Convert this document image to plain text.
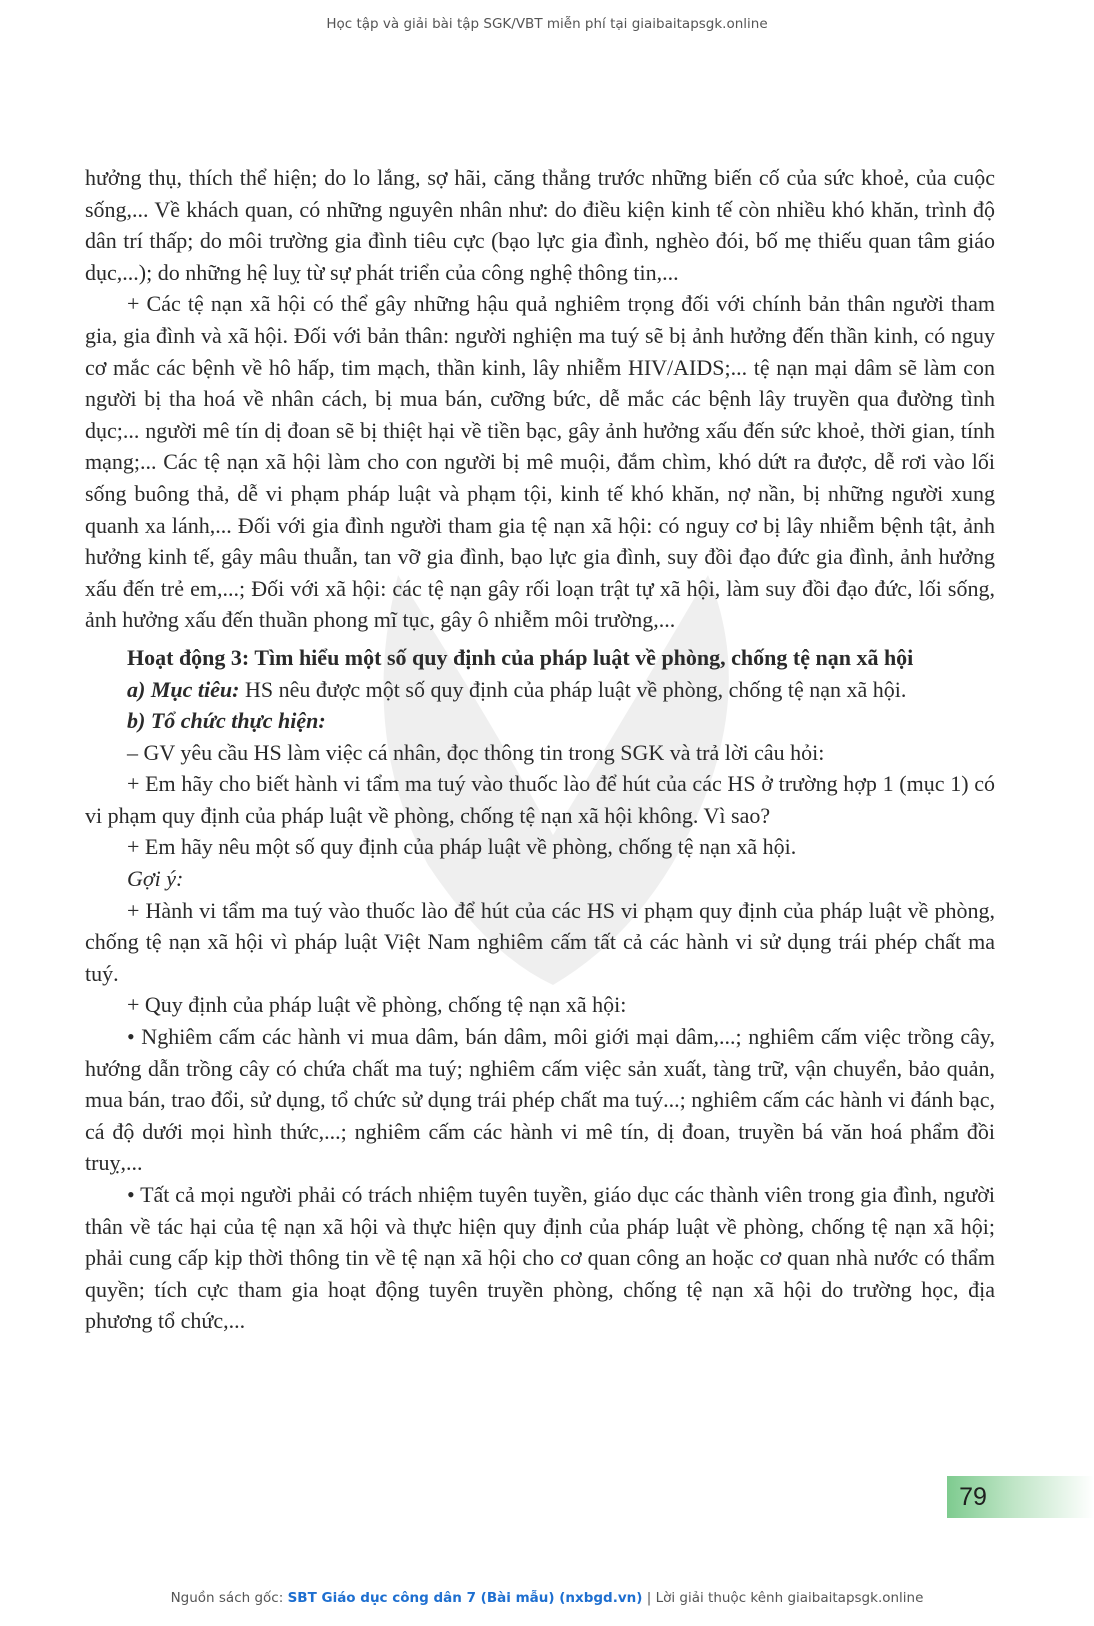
Học tập và giải bài tập SGK/VBT miễn phí tại giaibaitapsgk.online

hưởng thụ, thích thể hiện; do lo lắng, sợ hãi, căng thẳng trước những biến cố của sức khoẻ, của cuộc sống,... Về khách quan, có những nguyên nhân như: do điều kiện kinh tế còn nhiều khó khăn, trình độ dân trí thấp; do môi trường gia đình tiêu cực (bạo lực gia đình, nghèo đói, bố mẹ thiếu quan tâm giáo dục,...); do những hệ luỵ từ sự phát triển của công nghệ thông tin,...

+ Các tệ nạn xã hội có thể gây những hậu quả nghiêm trọng đối với chính bản thân người tham gia, gia đình và xã hội. Đối với bản thân: người nghiện ma tuý sẽ bị ảnh hưởng đến thần kinh, có nguy cơ mắc các bệnh về hô hấp, tim mạch, thần kinh, lây nhiễm HIV/AIDS;... tệ nạn mại dâm sẽ làm con người bị tha hoá về nhân cách, bị mua bán, cưỡng bức, dễ mắc các bệnh lây truyền qua đường tình dục;... người mê tín dị đoan sẽ bị thiệt hại về tiền bạc, gây ảnh hưởng xấu đến sức khoẻ, thời gian, tính mạng;... Các tệ nạn xã hội làm cho con người bị mê muội, đắm chìm, khó dứt ra được, dễ rơi vào lối sống buông thả, dễ vi phạm pháp luật và phạm tội, kinh tế khó khăn, nợ nần, bị những người xung quanh xa lánh,... Đối với gia đình người tham gia tệ nạn xã hội: có nguy cơ bị lây nhiễm bệnh tật, ảnh hưởng kinh tế, gây mâu thuẫn, tan vỡ gia đình, bạo lực gia đình, suy đồi đạo đức gia đình, ảnh hưởng xấu đến trẻ em,...; Đối với xã hội: các tệ nạn gây rối loạn trật tự xã hội, làm suy đồi đạo đức, lối sống, ảnh hưởng xấu đến thuần phong mĩ tục, gây ô nhiễm môi trường,...

Hoạt động 3: Tìm hiểu một số quy định của pháp luật về phòng, chống tệ nạn xã hội

a) Mục tiêu: HS nêu được một số quy định của pháp luật về phòng, chống tệ nạn xã hội.

b) Tổ chức thực hiện:

– GV yêu cầu HS làm việc cá nhân, đọc thông tin trong SGK và trả lời câu hỏi:

+ Em hãy cho biết hành vi tẩm ma tuý vào thuốc lào để hút của các HS ở trường hợp 1 (mục 1) có vi phạm quy định của pháp luật về phòng, chống tệ nạn xã hội không. Vì sao?

+ Em hãy nêu một số quy định của pháp luật về phòng, chống tệ nạn xã hội.

Gợi ý:

+ Hành vi tẩm ma tuý vào thuốc lào để hút của các HS vi phạm quy định của pháp luật về phòng, chống tệ nạn xã hội vì pháp luật Việt Nam nghiêm cấm tất cả các hành vi sử dụng trái phép chất ma tuý.

+ Quy định của pháp luật về phòng, chống tệ nạn xã hội:

• Nghiêm cấm các hành vi mua dâm, bán dâm, môi giới mại dâm,...; nghiêm cấm việc trồng cây, hướng dẫn trồng cây có chứa chất ma tuý; nghiêm cấm việc sản xuất, tàng trữ, vận chuyển, bảo quản, mua bán, trao đổi, sử dụng, tổ chức sử dụng trái phép chất ma tuý...; nghiêm cấm các hành vi đánh bạc, cá độ dưới mọi hình thức,...; nghiêm cấm các hành vi mê tín, dị đoan, truyền bá văn hoá phẩm đồi truỵ,...

• Tất cả mọi người phải có trách nhiệm tuyên tuyền, giáo dục các thành viên trong gia đình, người thân về tác hại của tệ nạn xã hội và thực hiện quy định của pháp luật về phòng, chống tệ nạn xã hội; phải cung cấp kịp thời thông tin về tệ nạn xã hội cho cơ quan công an hoặc cơ quan nhà nước có thẩm quyền; tích cực tham gia hoạt động tuyên truyền phòng, chống tệ nạn xã hội do trường học, địa phương tổ chức,...

79
Nguồn sách gốc: SBT Giáo dục công dân 7 (Bài mẫu) (nxbgd.vn) | Lời giải thuộc kênh giaibaitapsgk.online
